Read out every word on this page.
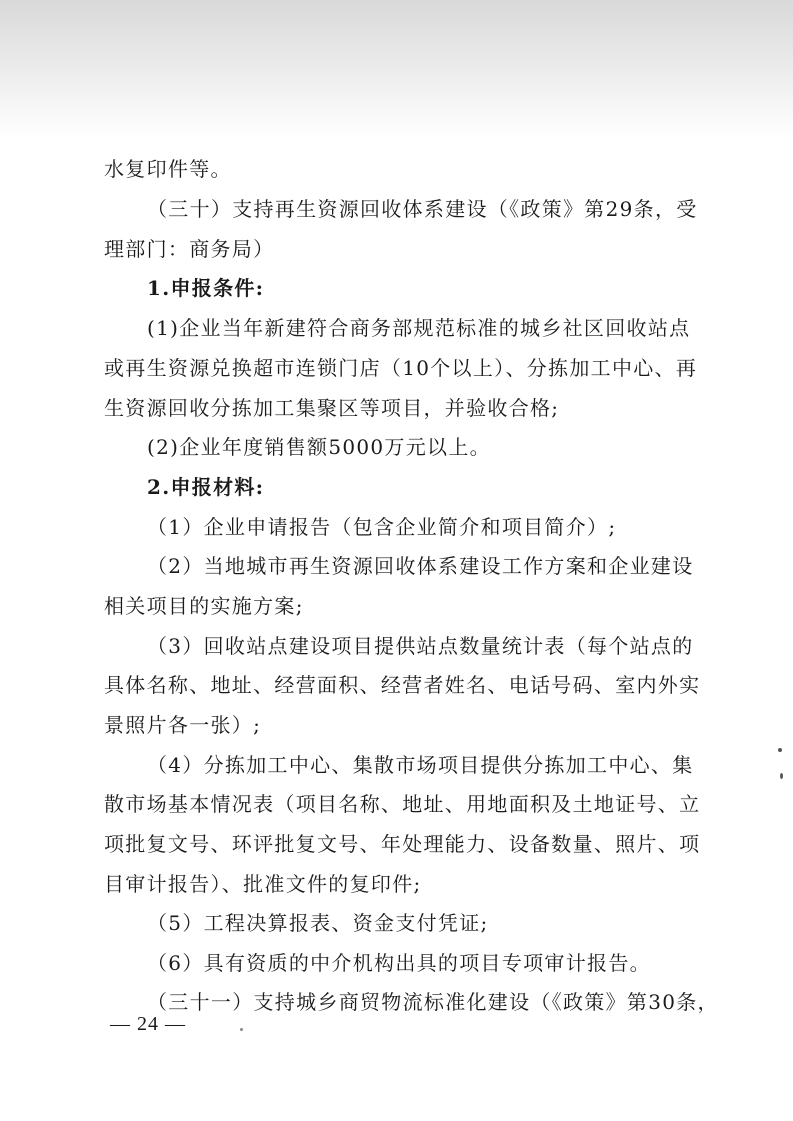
水复印件等。
（三十）支持再生资源回收体系建设（《政策》第29条，受
理部门：商务局）
1.申报条件:
(1)企业当年新建符合商务部规范标准的城乡社区回收站点
或再生资源兑换超市连锁门店（10个以上）、分拣加工中心、再
生资源回收分拣加工集聚区等项目，并验收合格;
(2)企业年度销售额5000万元以上。
2.申报材料:
（1）企业申请报告（包含企业简介和项目简介）;
（2）当地城市再生资源回收体系建设工作方案和企业建设
相关项目的实施方案;
（3）回收站点建设项目提供站点数量统计表（每个站点的
具体名称、地址、经营面积、经营者姓名、电话号码、室内外实
景照片各一张）;
（4）分拣加工中心、集散市场项目提供分拣加工中心、集
散市场基本情况表（项目名称、地址、用地面积及土地证号、立
项批复文号、环评批复文号、年处理能力、设备数量、照片、项
目审计报告）、批准文件的复印件;
（5）工程决算报表、资金支付凭证;
（6）具有资质的中介机构出具的项目专项审计报告。
（三十一）支持城乡商贸物流标准化建设（《政策》第30条，
— 24 —
